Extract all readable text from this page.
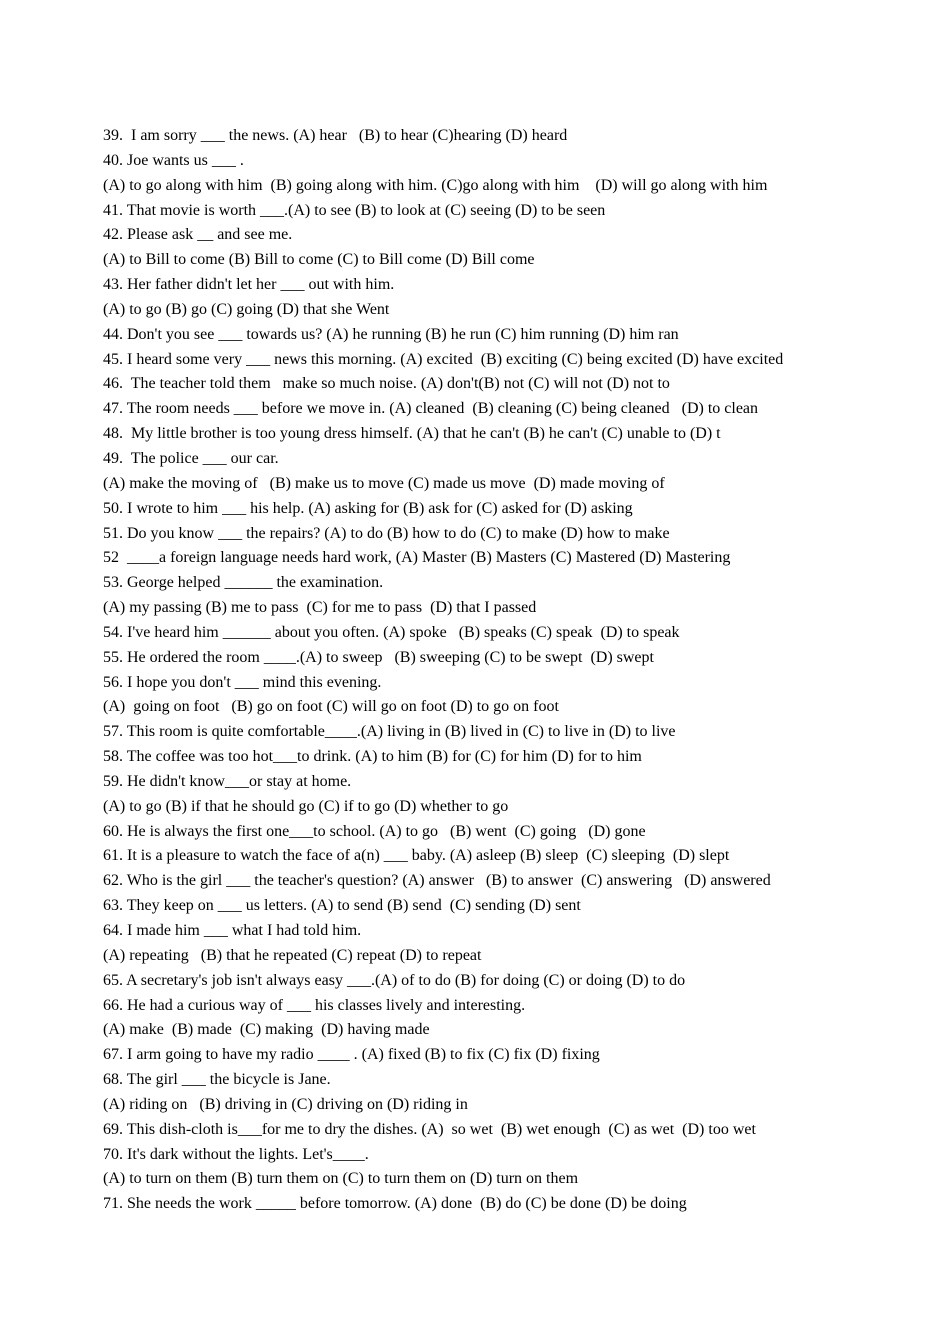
39.  I am sorry ___ the news. (A) hear   (B) to hear (C)hearing (D) heard
40. Joe wants us ___ .
(A) to go along with him  (B) going along with him. (C)go along with him    (D) will go along with him
41. That movie is worth ___.(A) to see (B) to look at (C) seeing (D) to be seen
42. Please ask __ and see me.
(A) to Bill to come (B) Bill to come (C) to Bill come (D) Bill come
43. Her father didn't let her ___ out with him.
(A) to go (B) go (C) going (D) that she Went
44. Don't you see ___ towards us? (A) he running (B) he run (C) him running (D) him ran
45. I heard some very ___ news this morning. (A) excited  (B) exciting (C) being excited (D) have excited
46.  The teacher told them   make so much noise. (A) don't(B) not (C) will not (D) not to
47. The room needs ___ before we move in. (A) cleaned  (B) cleaning (C) being cleaned   (D) to clean
48.  My little brother is too young dress himself. (A) that he can't (B) he can't (C) unable to (D) t
49.  The police ___ our car.
(A) make the moving of   (B) make us to move (C) made us move  (D) made moving of
50. I wrote to him ___ his help. (A) asking for (B) ask for (C) asked for (D) asking
51. Do you know ___ the repairs? (A) to do (B) how to do (C) to make (D) how to make
52  ____a foreign language needs hard work, (A) Master (B) Masters (C) Mastered (D) Mastering
53. George helped ______ the examination.
(A) my passing (B) me to pass  (C) for me to pass  (D) that I passed
54. I've heard him ______ about you often. (A) spoke   (B) speaks (C) speak  (D) to speak
55. He ordered the room ____.(A) to sweep   (B) sweeping (C) to be swept  (D) swept
56. I hope you don't ___ mind this evening.
(A)  going on foot   (B) go on foot (C) will go on foot (D) to go on foot
57. This room is quite comfortable____.(A) living in (B) lived in (C) to live in (D) to live
58. The coffee was too hot___to drink. (A) to him (B) for (C) for him (D) for to him
59. He didn't know___or stay at home.
(A) to go (B) if that he should go (C) if to go (D) whether to go
60. He is always the first one___to school. (A) to go   (B) went  (C) going   (D) gone
61. It is a pleasure to watch the face of a(n) ___ baby. (A) asleep (B) sleep  (C) sleeping  (D) slept
62. Who is the girl ___ the teacher's question? (A) answer   (B) to answer  (C) answering   (D) answered
63. They keep on ___ us letters. (A) to send (B) send  (C) sending (D) sent
64. I made him ___ what I had told him.
(A) repeating   (B) that he repeated (C) repeat (D) to repeat
65. A secretary's job isn't always easy ___.(A) of to do (B) for doing (C) or doing (D) to do
66. He had a curious way of ___ his classes lively and interesting.
(A) make  (B) made  (C) making  (D) having made
67. I arm going to have my radio ____ . (A) fixed (B) to fix (C) fix (D) fixing
68. The girl ___ the bicycle is Jane.
(A) riding on   (B) driving in (C) driving on (D) riding in
69. This dish-cloth is___for me to dry the dishes. (A)  so wet  (B) wet enough  (C) as wet  (D) too wet
70. It's dark without the lights. Let's____.
(A) to turn on them (B) turn them on (C) to turn them on (D) turn on them
71. She needs the work _____ before tomorrow. (A) done  (B) do (C) be done (D) be doing
